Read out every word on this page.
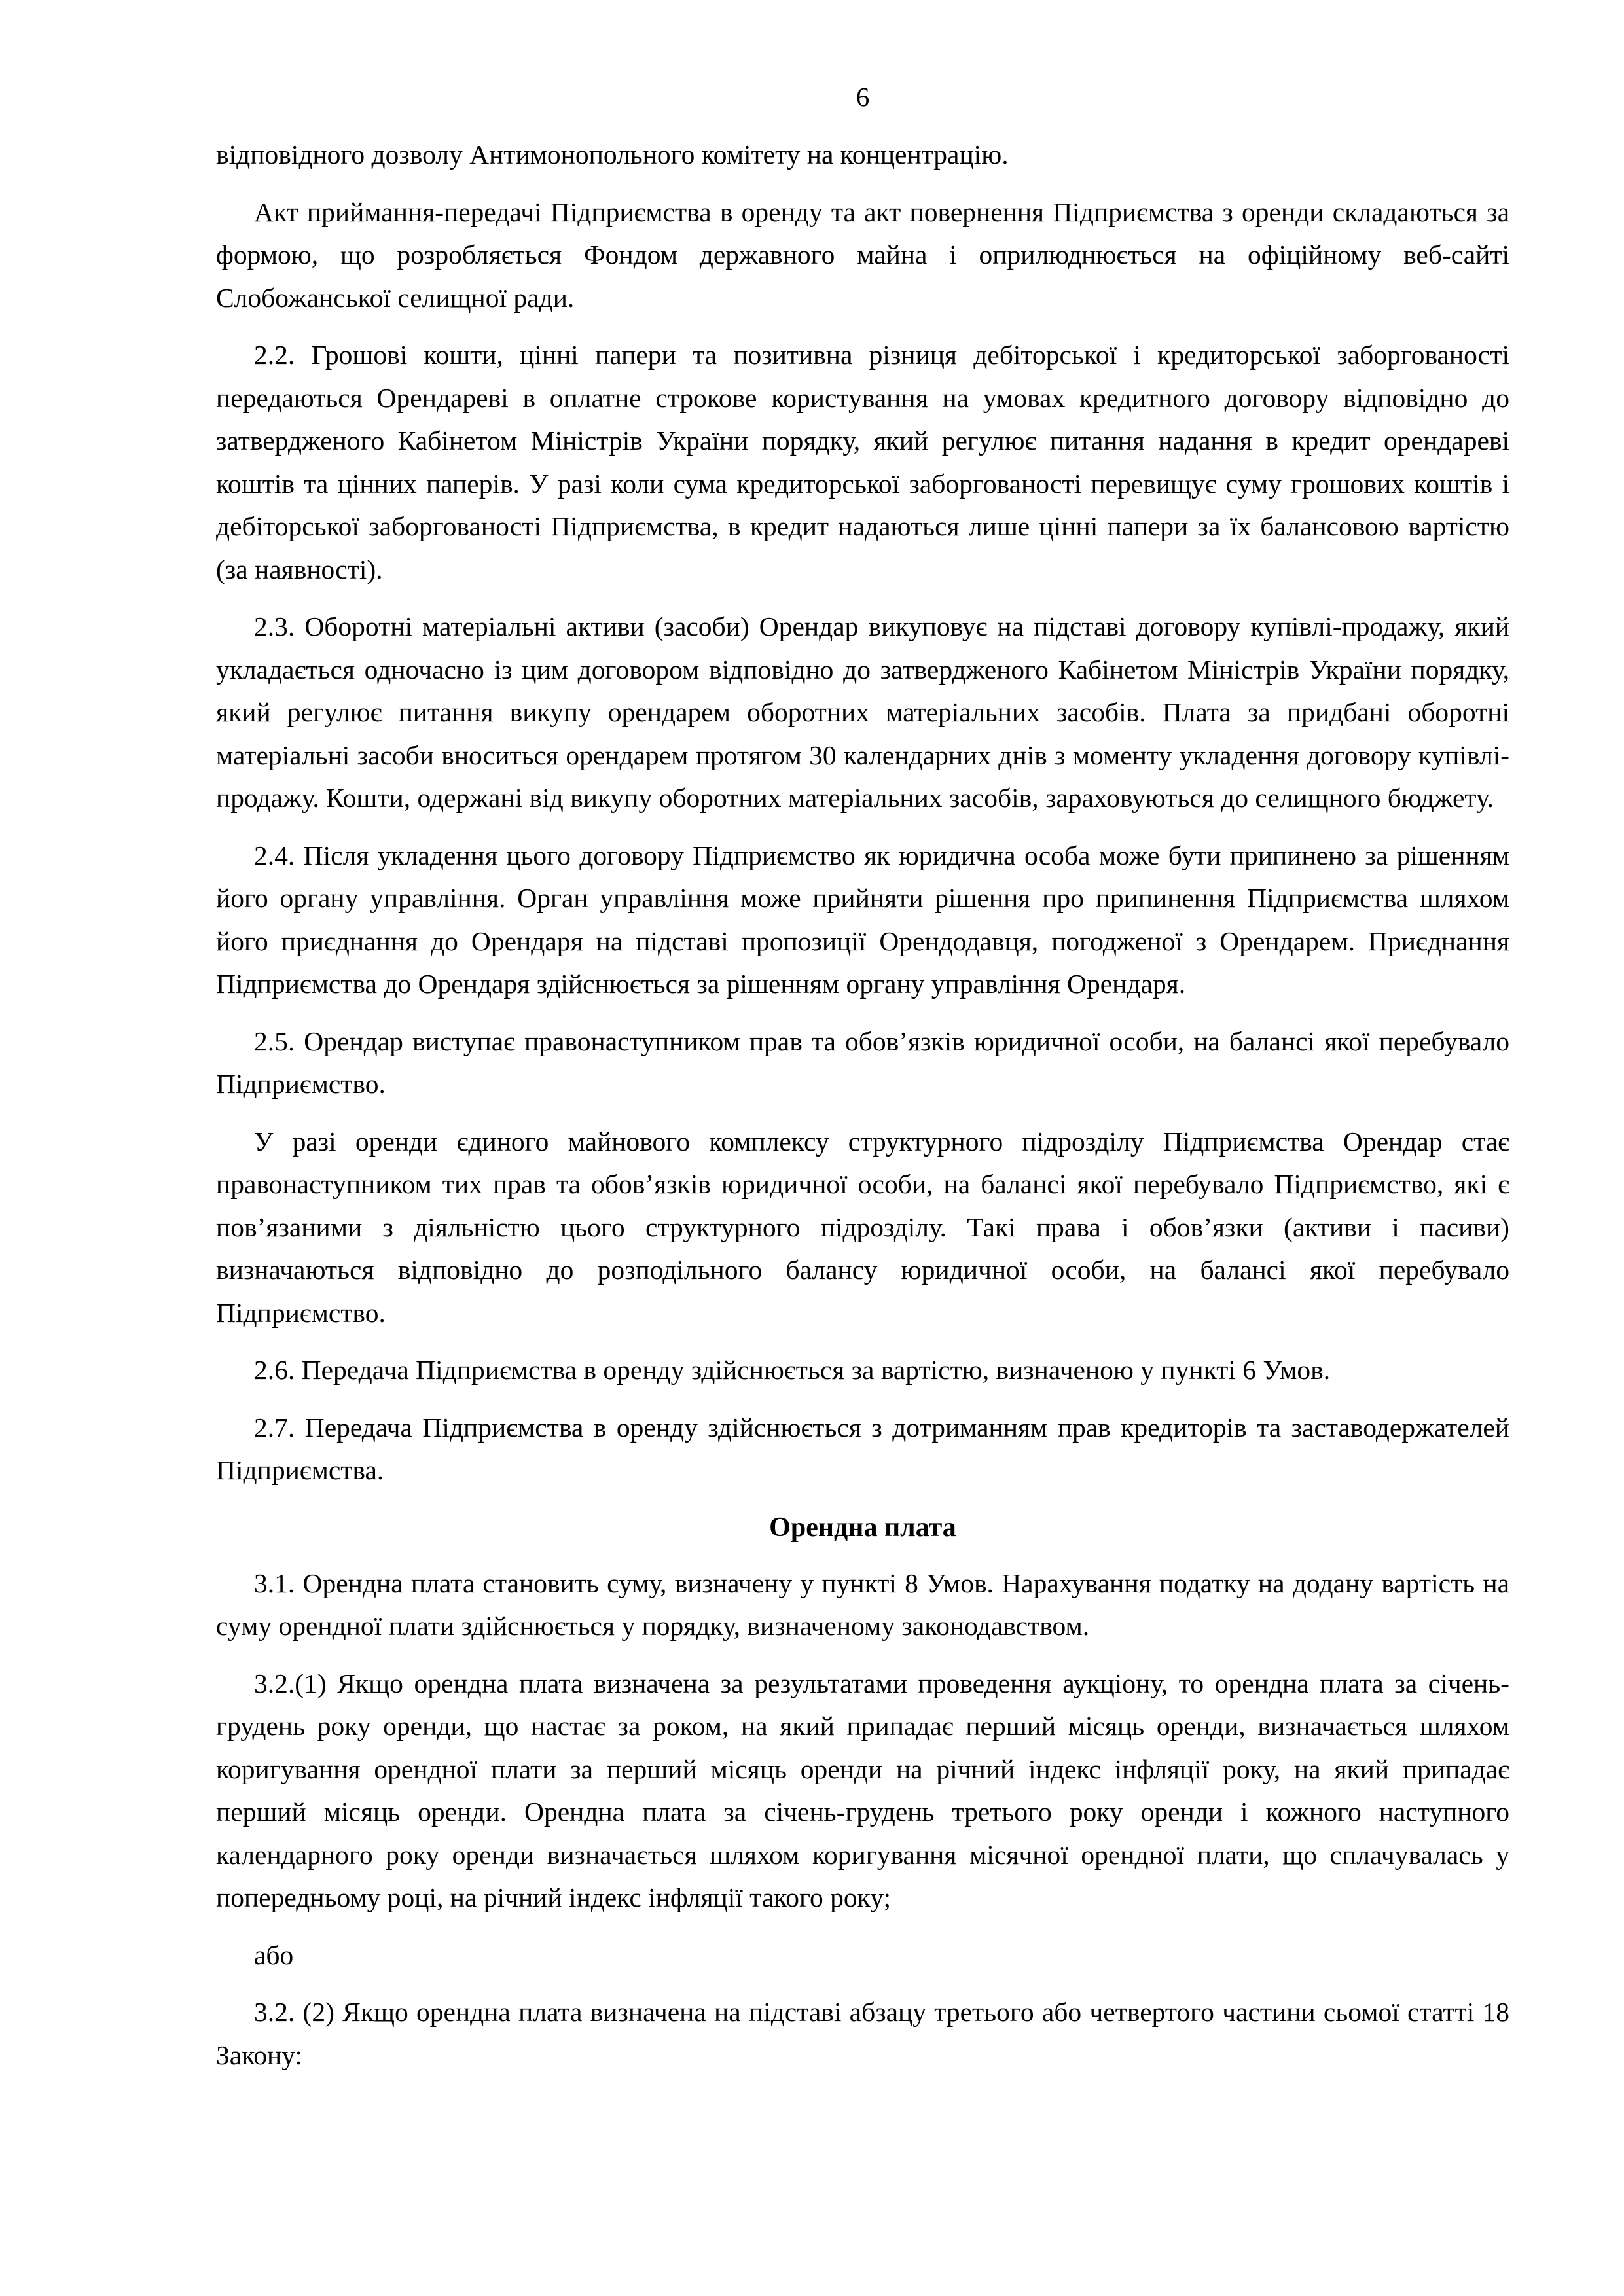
6

відповідного дозволу Антимонопольного комітету на концентрацію.

Акт приймання-передачі Підприємства в оренду та акт повернення Підприємства з оренди складаються за формою, що розробляється Фондом державного майна і оприлюднюється на офіційному веб-сайті Слобожанської селищної ради.

2.2. Грошові кошти, цінні папери та позитивна різниця дебіторської і кредиторської заборгованості передаються Орендареві в оплатне строкове користування на умовах кредитного договору відповідно до затвердженого Кабінетом Міністрів України порядку, який регулює питання надання в кредит орендареві коштів та цінних паперів. У разі коли сума кредиторської заборгованості перевищує суму грошових коштів і дебіторської заборгованості Підприємства, в кредит надаються лише цінні папери за їх балансовою вартістю (за наявності).

2.3. Оборотні матеріальні активи (засоби) Орендар викуповує на підставі договору купівлі-продажу, який укладається одночасно із цим договором відповідно до затвердженого Кабінетом Міністрів України порядку, який регулює питання викупу орендарем оборотних матеріальних засобів. Плата за придбані оборотні матеріальні засоби вноситься орендарем протягом 30 календарних днів з моменту укладення договору купівлі-продажу. Кошти, одержані від викупу оборотних матеріальних засобів, зараховуються до селищного бюджету.

2.4. Після укладення цього договору Підприємство як юридична особа може бути припинено за рішенням його органу управління. Орган управління може прийняти рішення про припинення Підприємства шляхом його приєднання до Орендаря на підставі пропозиції Орендодавця, погодженої з Орендарем. Приєднання Підприємства до Орендаря здійснюється за рішенням органу управління Орендаря.

2.5. Орендар виступає правонаступником прав та обов’язків юридичної особи, на балансі якої перебувало Підприємство.

У разі оренди єдиного майнового комплексу структурного підрозділу Підприємства Орендар стає правонаступником тих прав та обов’язків юридичної особи, на балансі якої перебувало Підприємство, які є пов’язаними з діяльністю цього структурного підрозділу. Такі права і обов’язки (активи і пасиви) визначаються відповідно до розподільного балансу юридичної особи, на балансі якої перебувало Підприємство.

2.6. Передача Підприємства в оренду здійснюється за вартістю, визначеною у пункті 6 Умов.

2.7. Передача Підприємства в оренду здійснюється з дотриманням прав кредиторів та заставодержателей Підприємства.

Орендна плата

3.1. Орендна плата становить суму, визначену у пункті 8 Умов. Нарахування податку на додану вартість на суму орендної плати здійснюється у порядку, визначеному законодавством.

3.2.(1) Якщо орендна плата визначена за результатами проведення аукціону, то орендна плата за січень-грудень року оренди, що настає за роком, на який припадає перший місяць оренди, визначається шляхом коригування орендної плати за перший місяць оренди на річний індекс інфляції року, на який припадає перший місяць оренди. Орендна плата за січень-грудень третього року оренди і кожного наступного календарного року оренди визначається шляхом коригування місячної орендної плати, що сплачувалась у попередньому році, на річний індекс інфляції такого року;

або

3.2. (2) Якщо орендна плата визначена на підставі абзацу третього або четвертого частини сьомої статті 18 Закону:
